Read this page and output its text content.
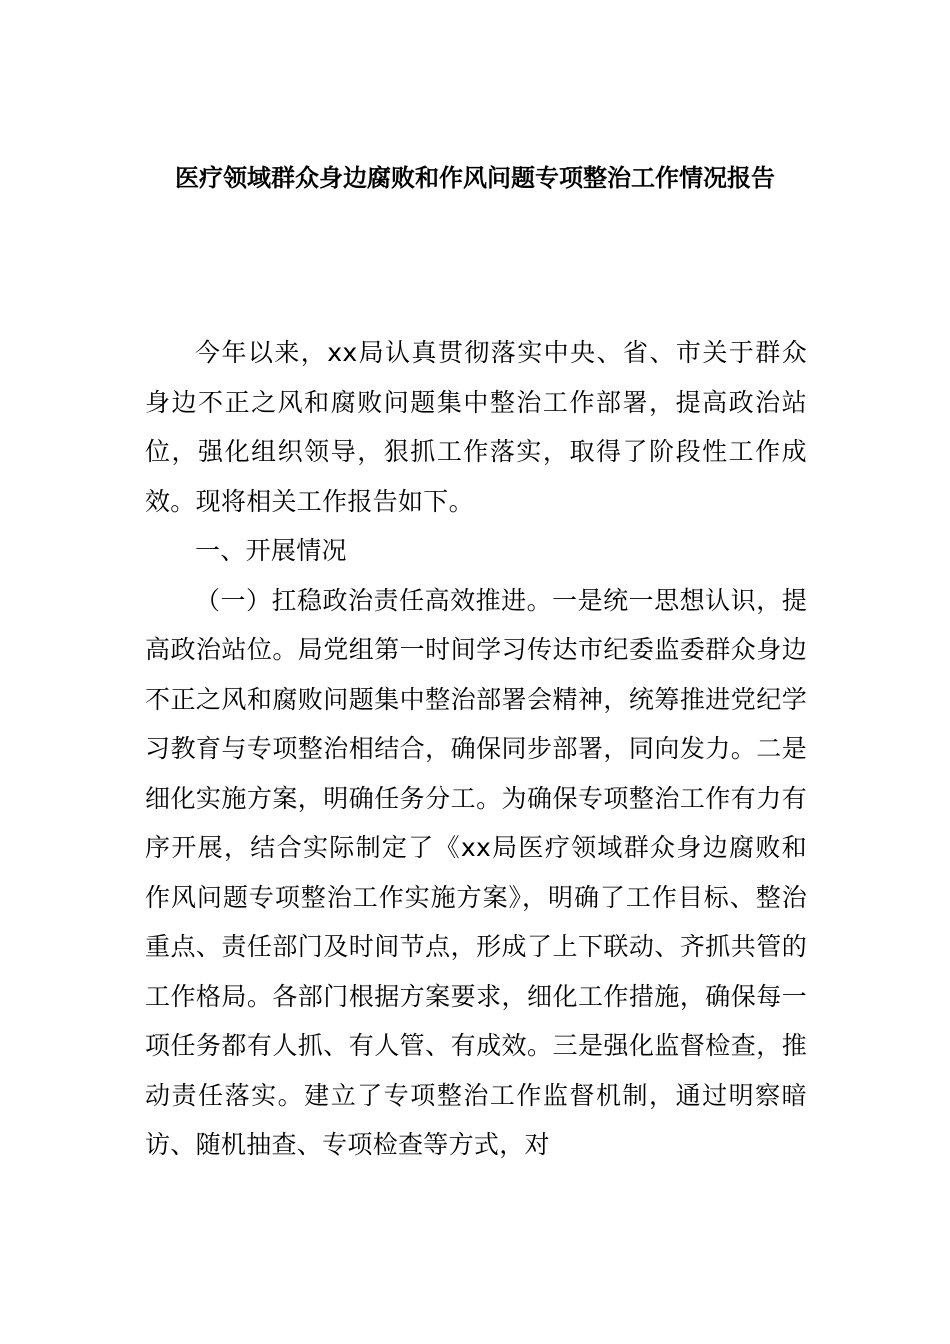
医疗领域群众身边腐败和作风问题专项整治工作情况报告

今年以来，xx局认真贯彻落实中央、省、市关于群众身边不正之风和腐败问题集中整治工作部署，提高政治站位，强化组织领导，狠抓工作落实，取得了阶段性工作成效。现将相关工作报告如下。

一、开展情况

（一）扛稳政治责任高效推进。一是统一思想认识，提高政治站位。局党组第一时间学习传达市纪委监委群众身边不正之风和腐败问题集中整治部署会精神，统筹推进党纪学习教育与专项整治相结合，确保同步部署，同向发力。二是细化实施方案，明确任务分工。为确保专项整治工作有力有序开展，结合实际制定了《xx局医疗领域群众身边腐败和作风问题专项整治工作实施方案》，明确了工作目标、整治重点、责任部门及时间节点，形成了上下联动、齐抓共管的工作格局。各部门根据方案要求，细化工作措施，确保每一项任务都有人抓、有人管、有成效。三是强化监督检查，推动责任落实。建立了专项整治工作监督机制，通过明察暗访、随机抽查、专项检查等方式，对
